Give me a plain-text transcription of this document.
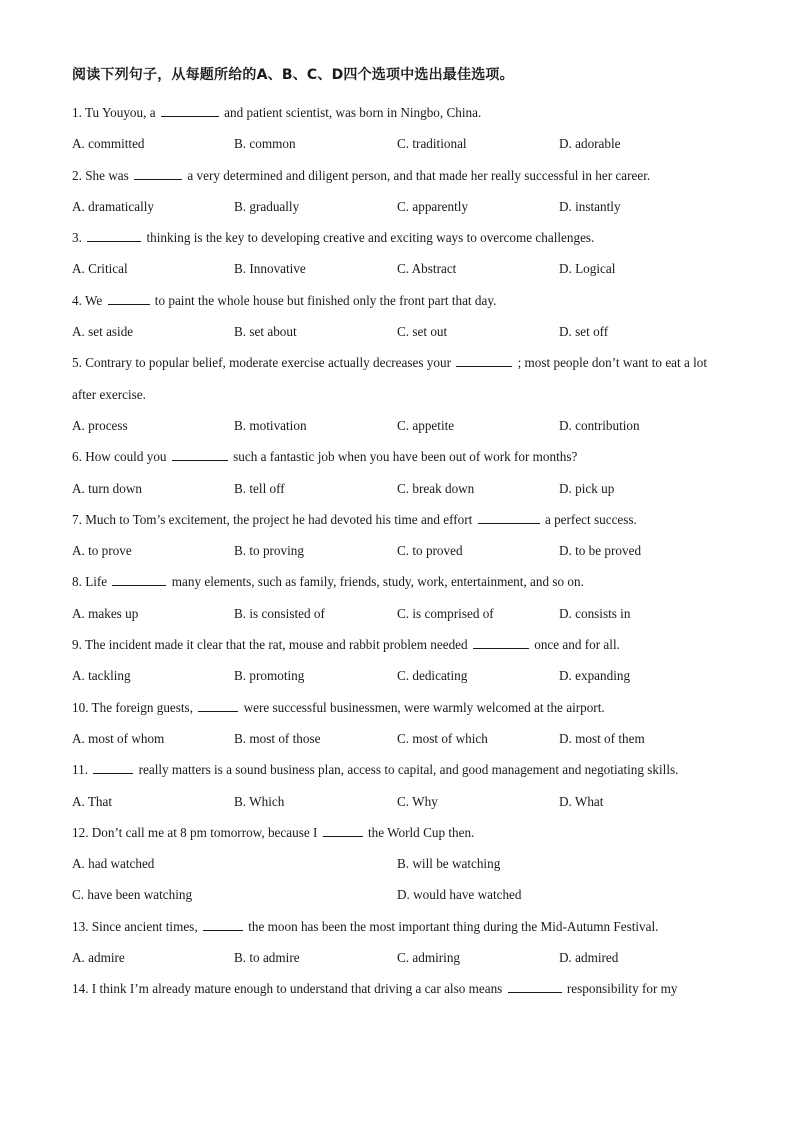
阅读下列句子，从每题所给的A、B、C、D四个选项中选出最佳选项。
1. Tu Youyou, a	and patient scientist, was born in Ningbo, China.
A. committed	B. common	C. traditional	D. adorable
2. She was	a very determined and diligent person, and that made her really successful in her career.
A. dramatically	B. gradually	C. apparently	D. instantly
3.	thinking is the key to developing creative and exciting ways to overcome challenges.
A. Critical	B. Innovative	C. Abstract	D. Logical
4. We	to paint the whole house but finished only the front part that day.
A. set aside	B. set about	C. set out	D. set off
5. Contrary to popular belief, moderate exercise actually decreases your	; most people don’t want to eat a lot after exercise.
A. process	B. motivation	C. appetite	D. contribution
6. How could you	such a fantastic job when you have been out of work for months?
A. turn down	B. tell off	C. break down	D. pick up
7. Much to Tom’s excitement, the project he had devoted his time and effort	a perfect success.
A. to prove	B. to proving	C. to proved	D. to be proved
8. Life	many elements, such as family, friends, study, work, entertainment, and so on.
A. makes up	B. is consisted of	C. is comprised of	D. consists in
9. The incident made it clear that the rat, mouse and rabbit problem needed	once and for all.
A. tackling	B. promoting	C. dedicating	D. expanding
10. The foreign guests,	were successful businessmen, were warmly welcomed at the airport.
A. most of whom	B. most of those	C. most of which	D. most of them
11.	really matters is a sound business plan, access to capital, and good management and negotiating skills.
A. That	B. Which	C. Why	D. What
12. Don’t call me at 8 pm tomorrow, because I	the World Cup then.
A. had watched	B. will be watching
C. have been watching	D. would have watched
13. Since ancient times,	the moon has been the most important thing during the Mid-Autumn Festival.
A. admire	B. to admire	C. admiring	D. admired
14. I think I’m already mature enough to understand that driving a car also means	responsibility for my
